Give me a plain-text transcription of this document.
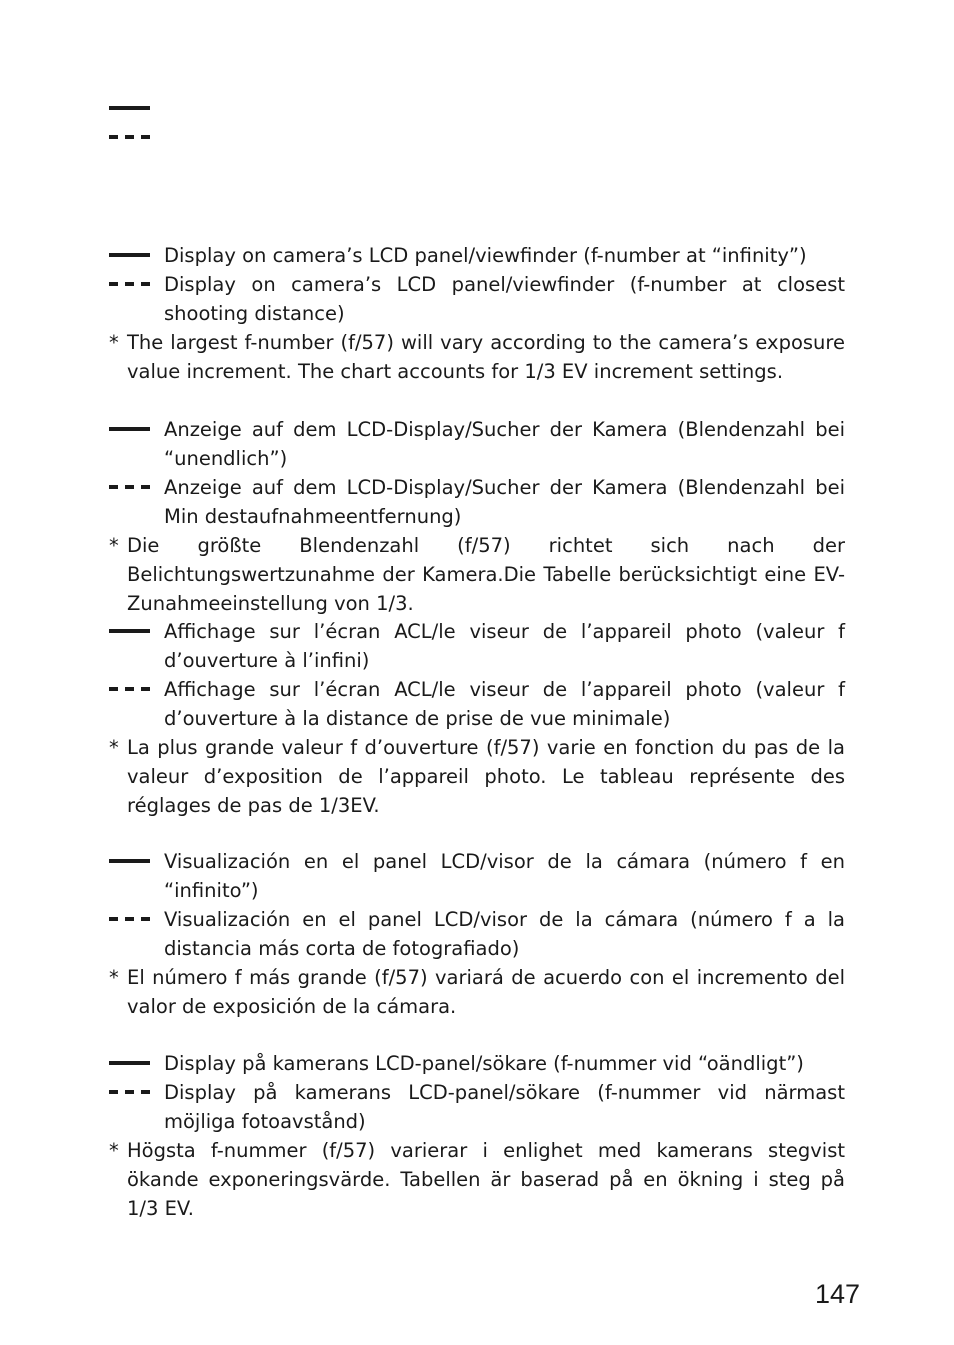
Display on camera’s LCD panel/viewfinder (f-number at “infinity”)
Display on camera’s LCD panel/viewfinder (f-number at closest shooting distance)
* The largest f-number (f/57) will vary according to the camera’s exposure value increment. The chart accounts for 1/3 EV increment settings.
Anzeige auf dem LCD-Display/Sucher der Kamera (Blendenzahl bei “unendlich”)
Anzeige auf dem LCD-Display/Sucher der Kamera (Blendenzahl bei Min destaufnahmeentfernung)
* Die größte Blendenzahl (f/57) richtet sich nach der Belichtungswertzunahme der Kamera.Die Tabelle berücksichtigt eine EV-Zunahmeeinstellung von 1/3.
Affichage sur l’écran ACL/le viseur de l’appareil photo (valeur f d’ouverture à l’infini)
Affichage sur l’écran ACL/le viseur de l’appareil photo (valeur f d’ouverture à la distance de prise de vue minimale)
* La plus grande valeur f d’ouverture (f/57) varie en fonction du pas de la valeur d’exposition de l’appareil photo. Le tableau représente des réglages de pas de 1/3EV.
Visualización en el panel LCD/visor de la cámara (número f en “infinito”)
Visualización en el panel LCD/visor de la cámara (número f a la distancia más corta de fotografiado)
* El número f más grande (f/57) variará de acuerdo con el incremento del valor de exposición de la cámara.
Display på kamerans LCD-panel/sökare (f-nummer vid “oändligt”)
Display på kamerans LCD-panel/sökare (f-nummer vid närmast möjliga fotoavstånd)
* Högsta f-nummer (f/57) varierar i enlighet med kamerans stegvist ökande exponeringsvärde. Tabellen är baserad på en ökning i steg på 1/3 EV.
147
